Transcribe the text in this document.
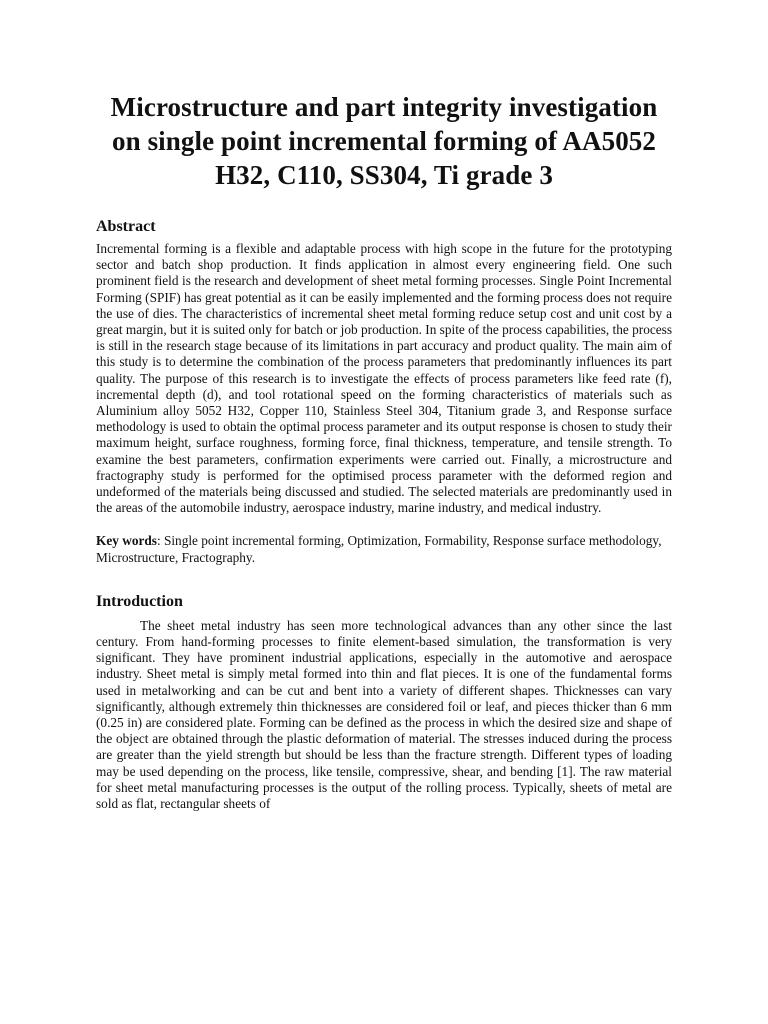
Microstructure and part integrity investigation on single point incremental forming of AA5052 H32, C110, SS304, Ti grade 3
Abstract

Incremental forming is a flexible and adaptable process with high scope in the future for the prototyping sector and batch shop production. It finds application in almost every engineering field. One such prominent field is the research and development of sheet metal forming processes. Single Point Incremental Forming (SPIF) has great potential as it can be easily implemented and the forming process does not require the use of dies. The characteristics of incremental sheet metal forming reduce setup cost and unit cost by a great margin, but it is suited only for batch or job production. In spite of the process capabilities, the process is still in the research stage because of its limitations in part accuracy and product quality. The main aim of this study is to determine the combination of the process parameters that predominantly influences its part quality. The purpose of this research is to investigate the effects of process parameters like feed rate (f), incremental depth (d), and tool rotational speed on the forming characteristics of materials such as Aluminium alloy 5052 H32, Copper 110, Stainless Steel 304, Titanium grade 3, and Response surface methodology is used to obtain the optimal process parameter and its output response is chosen to study their maximum height, surface roughness, forming force, final thickness, temperature, and tensile strength. To examine the best parameters, confirmation experiments were carried out. Finally, a microstructure and fractography study is performed for the optimised process parameter with the deformed region and undeformed of the materials being discussed and studied. The selected materials are predominantly used in the areas of the automobile industry, aerospace industry, marine industry, and medical industry.

Key words: Single point incremental forming, Optimization, Formability, Response surface methodology, Microstructure, Fractography.

Introduction

The sheet metal industry has seen more technological advances than any other since the last century. From hand-forming processes to finite element-based simulation, the transformation is very significant. They have prominent industrial applications, especially in the automotive and aerospace industry. Sheet metal is simply metal formed into thin and flat pieces. It is one of the fundamental forms used in metalworking and can be cut and bent into a variety of different shapes. Thicknesses can vary significantly, although extremely thin thicknesses are considered foil or leaf, and pieces thicker than 6 mm (0.25 in) are considered plate. Forming can be defined as the process in which the desired size and shape of the object are obtained through the plastic deformation of material. The stresses induced during the process are greater than the yield strength but should be less than the fracture strength. Different types of loading may be used depending on the process, like tensile, compressive, shear, and bending [1]. The raw material for sheet metal manufacturing processes is the output of the rolling process. Typically, sheets of metal are sold as flat, rectangular sheets of
